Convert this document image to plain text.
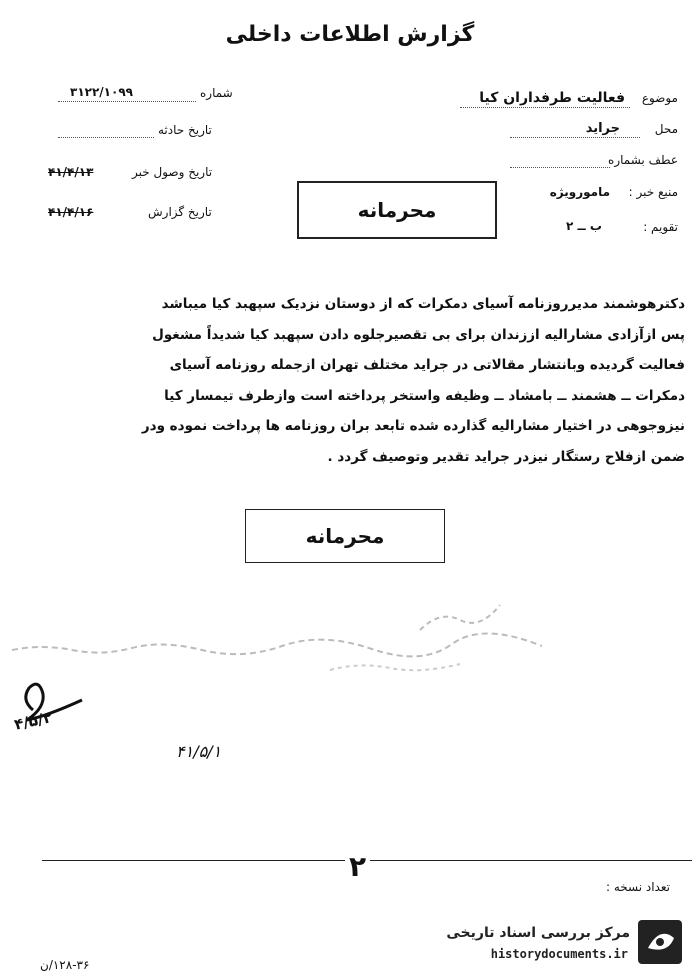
گزارش اطلاعات داخلی
موضوع
فعالیت طرفداران کیا
محل
جراید
عطف بشماره
منبع خبر :
مامورویژه
تقویم :
ب ــ ۲
شماره
۳۱۲۲/۱۰۹۹
تاریخ حادثه
تاریخ وصول خبر
۴۱/۴/۱۳
تاریخ گزارش
۴۱/۴/۱۶	محرمانه

دکترهوشمند مدیرروزنامه آسیای دمکرات که از دوستان نزدیک سپهبد کیا میباشد

پس ازآزادی مشارالیه اززندان برای بی تقصیرجلوه دادن سپهبد کیا شدیداً مشغول

فعالیت گردیده وبانتشار مقالاتی در جراید مختلف تهران ازجمله روزنامه آسیای

دمکرات ــ هشمند ــ بامشاد ــ وظیفه واستخر پرداخته است وازطرف تیمسار کیا

نیزوجوهی در اختیار مشارالیه گذارده شده تابعد بران روزنامه ها پرداخت نموده ودر

ضمن ازفلاح رستگار نیزدر جراید تقدیر وتوصیف گردد .

محرمانه
۴/۵/۲
۴۱/۵/۱
۲
تعداد نسخه :
مرکز بررسی اسناد تاریخی
historydocuments.ir
۱۲۸-۳۶/ن
